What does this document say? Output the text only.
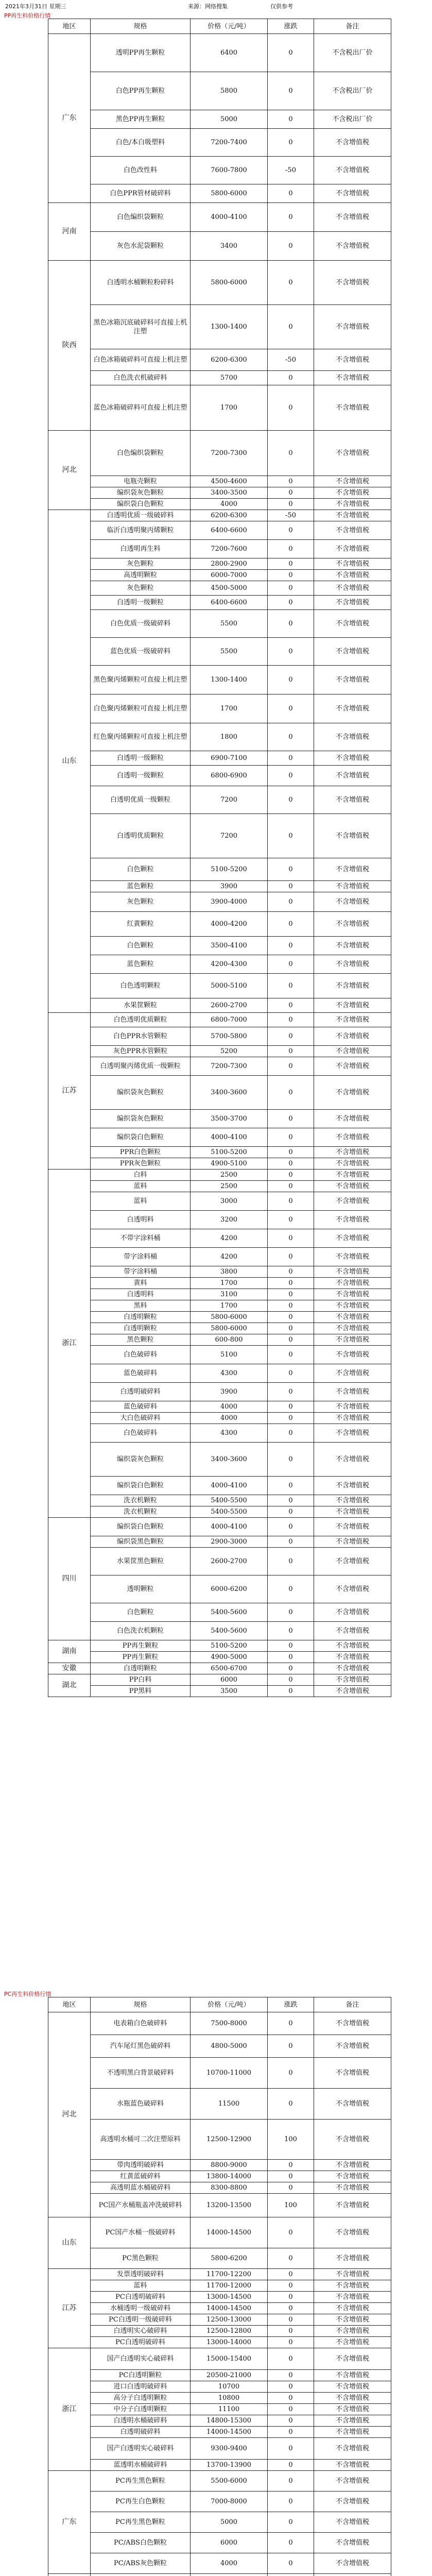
2021年3月31日 星期三	来源：网络搜集	仅供参考
PP再生料价格行情
地区	规格	价格（元/吨）	涨跌	备注
广东	透明PP再生颗粒	6400	0	不含税出厂价
	白色PP再生颗粒	5800	0	不含税出厂价
	黑色PP再生颗粒	5000	0	不含税出厂价
	白色/本白吸塑料	7200-7400	0	不含增值税
	白色改性料	7600-7800	-50	不含增值税
	白色PPR管材破碎料	5800-6000	0	不含增值税
河南	白色编织袋颗粒	4000-4100	0	不含增值税
	灰色水泥袋颗粒	3400	0	不含增值税
陕西	白透明水桶颗粒粉碎料	5800-6000	0	不含增值税
	黑色冰箱沉底破碎料可直接上机注塑	1300-1400	0	不含增值税
	白色冰箱破碎料可直接上机注塑	6200-6300	-50	不含增值税
	白色洗衣机破碎料	5700	0	不含增值税
	蓝色冰箱破碎料可直接上机注塑	1700	0	不含增值税
河北	白色编织袋颗粒	7200-7300	0	不含增值税
	电瓶壳颗粒	4500-4600	0	不含增值税
	编织袋灰色颗粒	3400-3500	0	不含增值税
	编织袋白色颗粒	4000	0	不含增值税
山东	白透明优质一级破碎料	6200-6300	-50	不含增值税
	临沂白透明聚丙烯颗粒	6400-6600	0	不含增值税
	白透明再生料	7200-7600	0	不含增值税
	灰色颗粒	2800-2900	0	不含增值税
	高透明颗粒	6000-7000	0	不含增值税
	灰色颗粒	4500-5000	0	不含增值税
	白透明一级颗粒	6400-6600	0	不含增值税
	白色优质一级破碎料	5500	0	不含增值税
	蓝色优质一级破碎料	5500	0	不含增值税
	黑色聚丙烯颗粒可直接上机注塑	1300-1400	0	不含增值税
	白色聚丙烯颗粒可直接上机注塑	1700	0	不含增值税
	红色聚丙烯颗粒可直接上机注塑	1800	0	不含增值税
	白透明一级颗粒	6900-7100	0	不含增值税
	白透明一级颗粒	6800-6900	0	不含增值税
	白透明优质一级颗粒	7200	0	不含增值税
	白透明优质颗粒	7200	0	不含增值税
	白色颗粒	5100-5200	0	不含增值税
	蓝色颗粒	3900	0	不含增值税
	灰色颗粒	3900-4000	0	不含增值税
	红黄颗粒	4000-4200	0	不含增值税
	白色颗粒	3500-4100	0	不含增值税
	蓝色颗粒	4200-4300	0	不含增值税
	白色透明颗粒	5000-5100	0	不含增值税
	水果筐颗粒	2600-2700	0	不含增值税
江苏	白色透明优质颗粒	6800-7000	0	不含增值税
	白色PPR水管颗粒	5700-5800	0	不含增值税
	灰色PPR水管颗粒	5200	0	不含增值税
	白透明聚丙烯优质一级颗粒	7200-7300	0	不含增值税
	编织袋灰色颗粒	3400-3600	0	不含增值税
	编织袋灰色颗粒	3500-3700	0	不含增值税
	编织袋白色颗粒	4000-4100	0	不含增值税
	PPR白色颗粒	5100-5200	0	不含增值税
	PPR灰色颗粒	4900-5100	0	不含增值税
浙江	白料	2500	0	不含增值税
	蓝料	2500	0	不含增值税
	蓝料	3000	0	不含增值税
	白透明料	3200	0	不含增值税
	不带字涂料桶	4200	0	不含增值税
	带字涂料桶	4200	0	不含增值税
	带字涂料桶	3800	0	不含增值税
	黄料	1700	0	不含增值税
	白透明料	3100	0	不含增值税
	黑料	1700	0	不含增值税
	白透明颗粒	5800-6000	0	不含增值税
	白透明颗粒	5800-6000	0	不含增值税
	黑色颗粒	600-800	0	不含增值税
	白色破碎料	5100	0	不含增值税
	蓝色破碎料	4300	0	不含增值税
	白透明破碎料	3900	0	不含增值税
	蓝色破碎料	4000	0	不含增值税
	大白色破碎料	4000	0	不含增值税
	白色破碎料	4300	0	不含增值税
	编织袋灰色颗粒	3400-3600	0	不含增值税
	编织袋白色颗粒	4000-4100	0	不含增值税
	洗衣机颗粒	5400-5500	0	不含增值税
	洗衣机颗粒	5400-5500	0	不含增值税
四川	编织袋白色颗粒	4000-4100	0	不含增值税
	编织袋黑色颗粒	2900-3000	0	不含增值税
	水果筐黑色颗粒	2600-2700	0	不含增值税
	透明颗粒	6000-6200	0	不含增值税
	白色颗粒	5400-5600	0	不含增值税
	白色洗衣机颗粒	5400-5600	0	不含增值税
湖南	PP再生颗粒	5100-5200	0	不含增值税
	PP再生颗粒	4900-5000	0	不含增值税
安徽	白透明颗粒	6500-6700	0	不含增值税
湖北	PP白料	6000	0	不含增值税
	PP黑料	3500	0	不含增值税
PC再生料价格行情
地区	规格	价格（元/吨）	涨跌	备注
河北	电表箱白色破碎料	7500-8000	0	不含增值税
	汽车尾灯黑色破碎料	4800-5000	0	不含增值税
	不透明黑白背景破碎料	10700-11000	0	不含增值税
	水瓶蓝色破碎料	11500	0	不含增值税
	高透明水桶可二次注塑原料	12500-12900	100	不含增值税
	带肉透明破碎料	8800-9000	0	不含增值税
	红黄蓝破碎料	13800-14000	0	不含增值税
	高透明蓝水桶破碎料	8300-8800	0	不含增值税
	PC国产水桶瓶盖冲洗破碎料	13200-13500	100	不含增值税
山东	PC国产水桶一级破碎料	14000-14500	0	不含增值税
	PC黑色颗粒	5800-6200	0	不含增值税
江苏	发票透明破碎料	11700-12200	0	不含增值税
	蓝料	11700-12000	0	不含增值税
	PC白透明破碎料	13000-14500	0	不含增值税
	水桶透明一级破碎料	14000-14500	0	不含增值税
	PC白透明一级破碎料	12500-13000	0	不含增值税
	白透明实心破碎料	12500-12800	0	不含增值税
	PC白透明破碎料	13000-14000	0	不含增值税
浙江	国产白透明实心破碎料	15000-15400	0	不含增值税
	PC白透明颗粒	20500-21000	0	不含增值税
	进口白透明破碎料	10700	0	不含增值税
	高分子白透明颗粒	10800	0	不含增值税
	中分子白透明颗粒	11100	0	不含增值税
	白透明水桶破碎料	14800-15300	0	不含增值税
	白透明破碎料	14000-14500	0	不含增值税
	国产白透明实心破碎料	9300-9400	0	不含增值税
	蓝透明水桶破碎料	13700-13900	0	不含增值税
广东	PC再生黑色颗粒	5500-6000	0	不含增值税
	PC再生白色颗粒	7000-8000	0	不含增值税
	PC再生黑色颗粒	5000	0	不含增值税
	PC/ABS白色颗粒	6000	0	不含增值税
	PC/ABS灰色颗粒	4000	0	不含增值税
